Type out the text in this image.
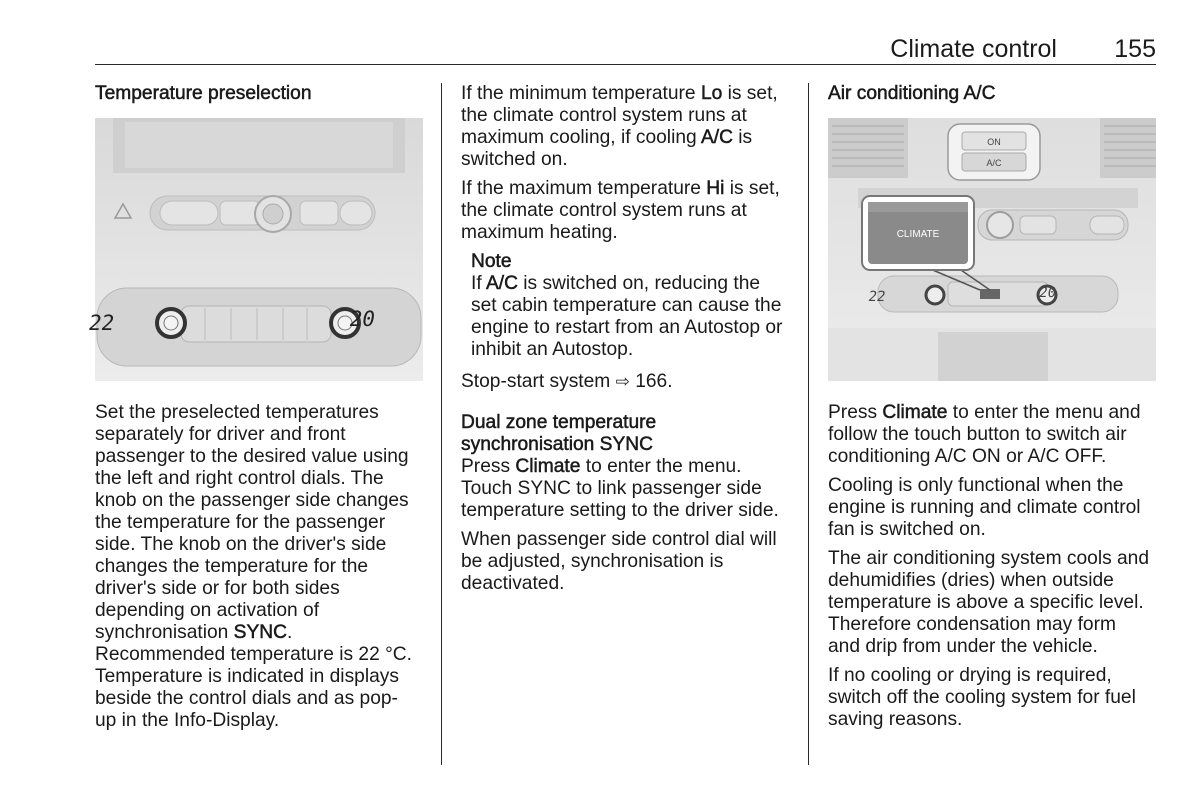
Climate control 155
Temperature preselection
22	20

Set the preselected temperatures

separately for driver and front

passenger to the desired value using

the left and right control dials. The

knob on the passenger side changes

the temperature for the passenger

side. The knob on the driver's side

changes the temperature for the

driver's side or for both sides

depending on activation of

synchronisation SYNC.

Recommended temperature is 22 °C.

Temperature is indicated in displays

beside the control dials and as pop-

up in the Info-Display.

If the minimum temperature Lo is set,

the climate control system runs at

maximum cooling, if cooling A/C is

switched on.

If the maximum temperature Hi is set,

the climate control system runs at

maximum heating.

Note

If A/C is switched on, reducing the

set cabin temperature can cause the

engine to restart from an Autostop or

inhibit an Autostop.

Stop-start system ⇨ 166.

Dual zone temperature
synchronisation SYNC

Press Climate to enter the menu.

Touch SYNC to link passenger side

temperature setting to the driver side.

When passenger side control dial will

be adjusted, synchronisation is

deactivated.

Air conditioning A/C
ON
A/C
22	20
CLIMATE

Press Climate to enter the menu and

follow the touch button to switch air

conditioning A/C ON or A/C OFF.

Cooling is only functional when the

engine is running and climate control

fan is switched on.

The air conditioning system cools and

dehumidifies (dries) when outside

temperature is above a specific level.

Therefore condensation may form

and drip from under the vehicle.

If no cooling or drying is required,

switch off the cooling system for fuel

saving reasons.
